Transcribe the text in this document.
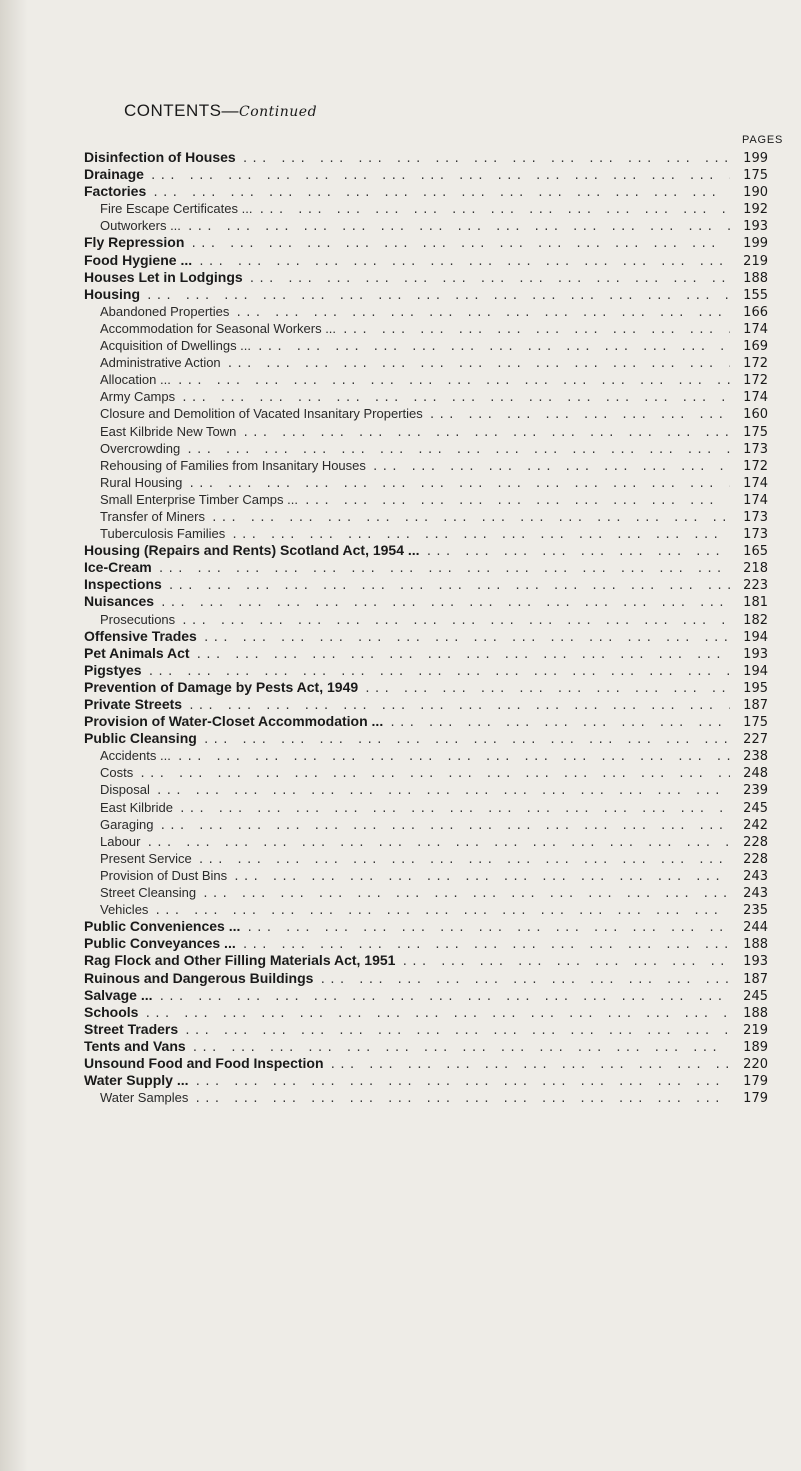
CONTENTS—Continued
PAGES
Disinfection of Houses ... .	199
Drainage ... .	175
Factories ... .	190
Fire Escape Certificates ... ... .	192
Outworkers ... ... .	193
Fly Repression ... .	199
Food Hygiene ... ... .	219
Houses Let in Lodgings ... .	188
Housing ... .	155
Abandoned Properties ... .	166
Accommodation for Seasonal Workers ... ... .	174
Acquisition of Dwellings ... ... .	169
Administrative Action ... .	172
Allocation ... ... .	172
Army Camps ... .	174
Closure and Demolition of Vacated Insanitary Properties ... .	160
East Kilbride New Town ... .	175
Overcrowding ... .	173
Rehousing of Families from Insanitary Houses ... .	172
Rural Housing ... .	174
Small Enterprise Timber Camps ... ... .	174
Transfer of Miners ... .	173
Tuberculosis Families ... .	173
Housing (Repairs and Rents) Scotland Act, 1954 ... ... .	165
Ice-Cream ... .	218
Inspections ... .	223
Nuisances ... .	181
Prosecutions ... .	182
Offensive Trades ... .	194
Pet Animals Act ... .	193
Pigstyes ... .	194
Prevention of Damage by Pests Act, 1949 ... .	195
Private Streets ... .	187
Provision of Water-Closet Accommodation ... ... .	175
Public Cleansing ... .	227
Accidents ... ... .	238
Costs ... .	248
Disposal ... .	239
East Kilbride ... .	245
Garaging ... .	242
Labour ... .	228
Present Service ... .	228
Provision of Dust Bins ... .	243
Street Cleansing ... .	243
Vehicles ... .	235
Public Conveniences ... ... .	244
Public Conveyances ... ... .	188
Rag Flock and Other Filling Materials Act, 1951 ... .	193
Ruinous and Dangerous Buildings ... .	187
Salvage ... ... .	245
Schools ... .	188
Street Traders ... .	219
Tents and Vans ... .	189
Unsound Food and Food Inspection ... .	220
Water Supply ... ... .	179
Water Samples ... .	179
